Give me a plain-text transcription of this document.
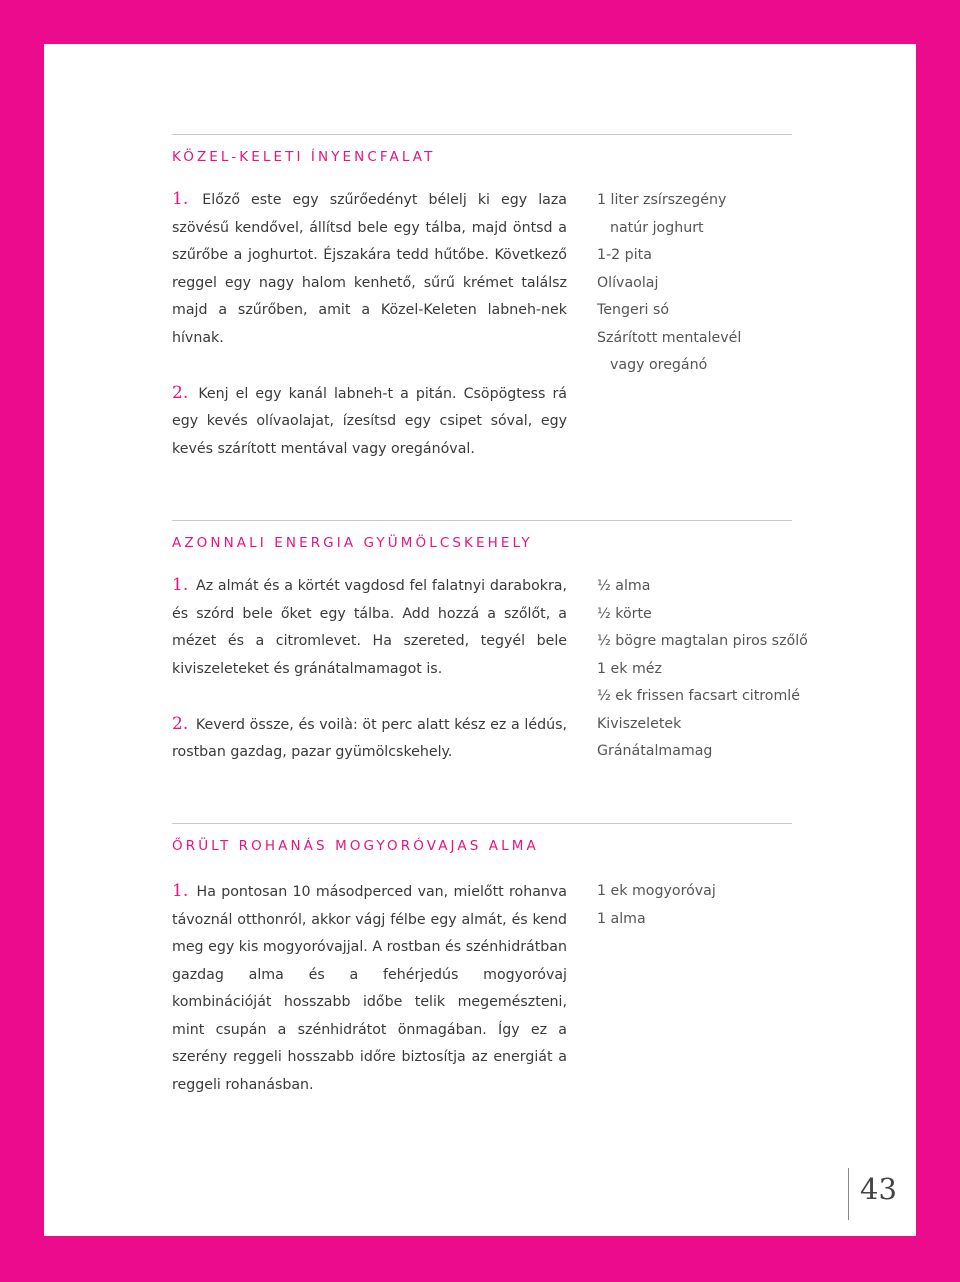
KÖZEL-KELETI ÍNYENCFALAT

1. Előző este egy szűrőedényt bélelj ki egy laza szövésű kendővel, állítsd bele egy tálba, majd öntsd a szűrőbe a joghurtot. Éjszakára tedd hűtőbe. Következő reggel egy nagy halom kenhető, sűrű krémet találsz majd a szűrőben, amit a Közel-Keleten labneh-nek hívnak.

2. Kenj el egy kanál labneh-t a pitán. Csöpögtess rá egy kevés olívaolajat, ízesítsd egy csipet sóval, egy kevés szárított mentával vagy oregánóval.

1 liter zsírszegény
natúr joghurt
1-2 pita
Olívaolaj
Tengeri só
Szárított mentalevél
vagy oregánó
AZONNALI ENERGIA GYÜMÖLCSKEHELY

1. Az almát és a körtét vagdosd fel falatnyi darabokra, és szórd bele őket egy tálba. Add hozzá a szőlőt, a mézet és a citromlevet. Ha szereted, tegyél bele kiviszeleteket és gránátalmamagot is.

2. Keverd össze, és voilà: öt perc alatt kész ez a lédús, rostban gazdag, pazar gyümölcskehely.

½ alma
½ körte
½ bögre magtalan piros szőlő
1 ek méz
½ ek frissen facsart citromlé
Kiviszeletek
Gránátalmamag
ŐRÜLT ROHANÁS MOGYORÓVAJAS ALMA

1. Ha pontosan 10 másodperced van, mielőtt rohanva távoznál otthonról, akkor vágj félbe egy almát, és kend meg egy kis mogyoróvajjal. A rostban és szénhidrátban gazdag alma és a fehérjedús mogyoróvaj kombinációját hosszabb időbe telik megemészteni, mint csupán a szénhidrátot önmagában. Így ez a szerény reggeli hosszabb időre biztosítja az energiát a reggeli rohanásban.

1 ek mogyoróvaj
1 alma
43
